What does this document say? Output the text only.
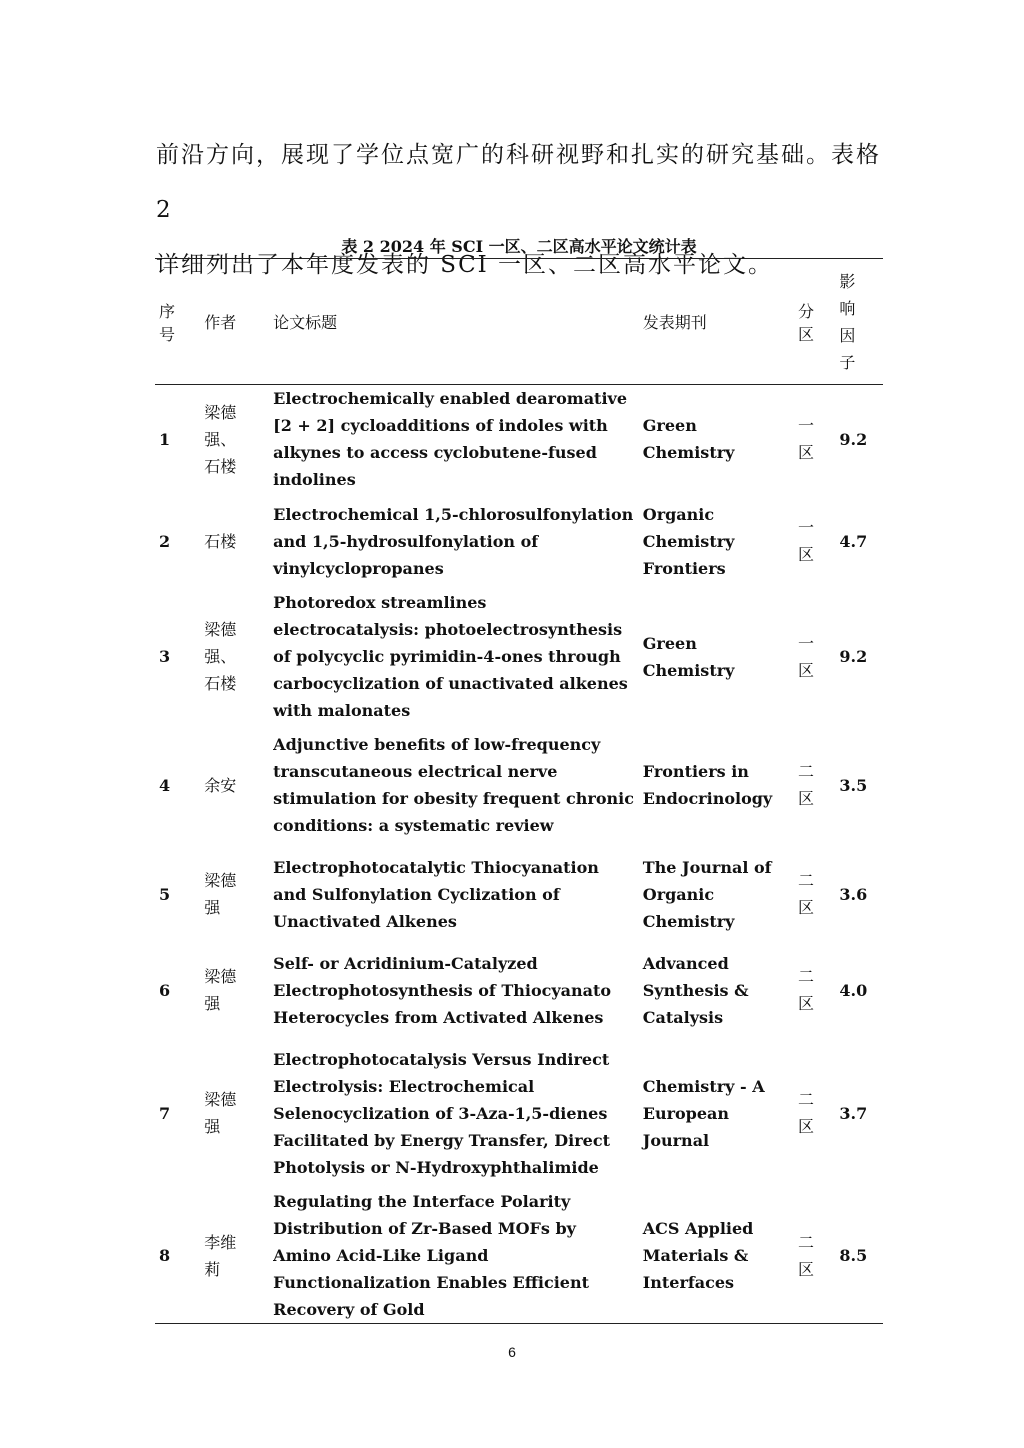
前沿方向，展现了学位点宽广的科研视野和扎实的研究基础。表格 2
详细列出了本年度发表的 SCI 一区、二区高水平论文。
表 2 2024 年 SCI 一区、二区高水平论文统计表
序号	作者	论文标题	发表期刊	分区	影响因子

1	梁德强、石楼	Electrochemically enabled dearomative [2 + 2] cycloadditions of indoles with alkynes to access cyclobutene-fused indolines	Green Chemistry	一区	9.2
2	石楼	Electrochemical 1,5-chlorosulfonylation and 1,5-hydrosulfonylation of vinylcyclopropanes	Organic Chemistry Frontiers	一区	4.7
3	梁德强、石楼	Photoredox streamlines electrocatalysis: photoelectrosynthesis of polycyclic pyrimidin-4-ones through carbocyclization of unactivated alkenes with malonates	Green Chemistry	一区	9.2
4	余安	Adjunctive benefits of low-frequency transcutaneous electrical nerve stimulation for obesity frequent chronic conditions: a systematic review	Frontiers in Endocrinology	二区	3.5
5	梁德强	Electrophotocatalytic Thiocyanation and Sulfonylation Cyclization of Unactivated Alkenes	The Journal of Organic Chemistry	二区	3.6
6	梁德强	Self- or Acridinium-Catalyzed Electrophotosynthesis of Thiocyanato Heterocycles from Activated Alkenes	Advanced Synthesis & Catalysis	二区	4.0
7	梁德强	Electrophotocatalysis Versus Indirect Electrolysis: Electrochemical Selenocyclization of 3-Aza-1,5-dienes Facilitated by Energy Transfer, Direct Photolysis or N-Hydroxyphthalimide	Chemistry - A European Journal	二区	3.7
8	李维莉	Regulating the Interface Polarity Distribution of Zr-Based MOFs by Amino Acid-Like Ligand Functionalization Enables Efficient Recovery of Gold	ACS Applied Materials & Interfaces	二区	8.5
6
